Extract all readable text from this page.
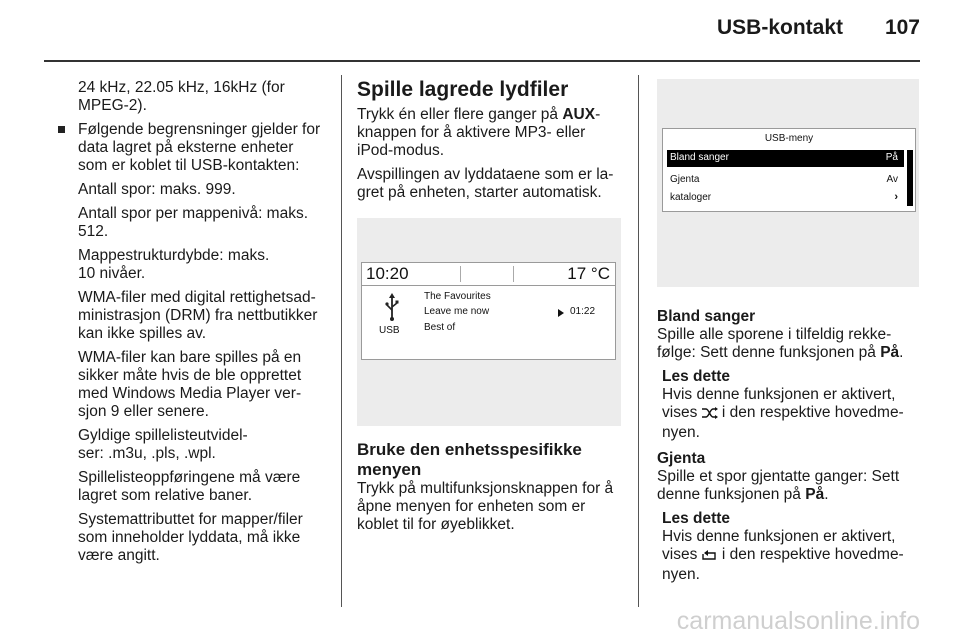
USB-kontakt 107

24 kHz, 22.05 kHz, 16kHz (for
MPEG-2).

Følgende begrensninger gjelder for
data lagret på eksterne enheter
som er koblet til USB-kontakten:

Antall spor: maks. 999.

Antall spor per mappenivå: maks.
512.

Mappestrukturdybde: maks.
10 nivåer.

WMA-filer med digital rettighetsad-
ministrasjon (DRM) fra nettbutikker
kan ikke spilles av.

WMA-filer kan bare spilles på en
sikker måte hvis de ble opprettet
med Windows Media Player ver-
sjon 9 eller senere.

Gyldige spillelisteutvidel-
ser: .m3u, .pls, .wpl.

Spillelisteoppføringene må være
lagret som relative baner.

Systemattributtet for mapper/filer
som inneholder lyddata, må ikke
være angitt.

Spille lagrede lydfiler

Trykk én eller flere ganger på AUX-
knappen for å aktivere MP3- eller
iPod-modus.

Avspillingen av lyddataene som er la-
gret på enheten, starter automatisk.

10:20	17 °C
USB
The Favourites
Leave me now
Best of
01:22
Bruke den enhetsspesifikke
menyen

Trykk på multifunksjonsknappen for å
åpne menyen for enheten som er
koblet til for øyeblikket.

USB-meny
Bland sanger	På
Gjenta	Av
kataloger	›
Bland sanger

Spille alle sporene i tilfeldig rekke-
følge: Sett denne funksjonen på På.

Les dette
Hvis denne funksjonen er aktivert,
vises  i den respektive hovedme-
nyen.
Gjenta

Spille et spor gjentatte ganger: Sett
denne funksjonen på På.

Les dette
Hvis denne funksjonen er aktivert,
vises  i den respektive hovedme-
nyen.
carmanualsonline.info
